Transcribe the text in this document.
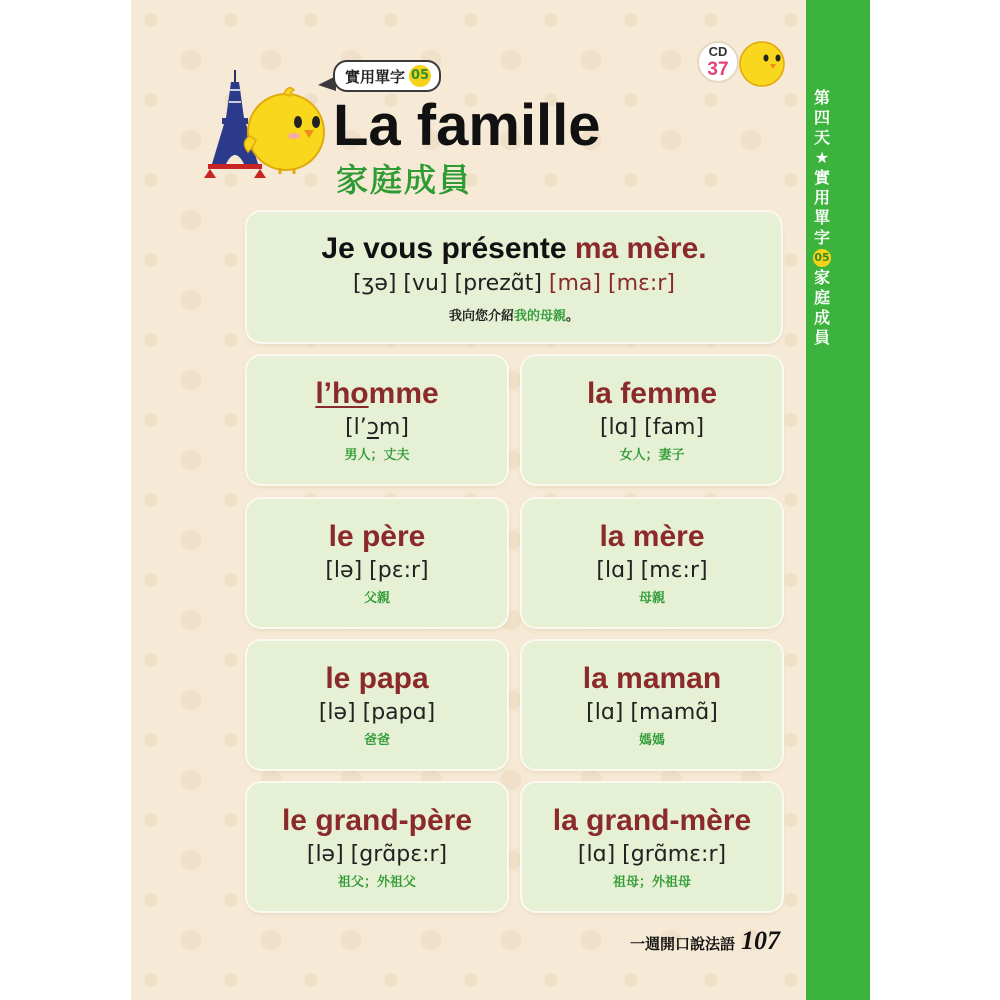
第
四
天
★
實
用
單
字
05
家
庭
成
員
實用單字 05
La famille
家庭成員
CD
37
Je vous présente ma mère.
[ʒə] [vu] [prezɑ̃t] [ma] [mɛ:r]
我向您介紹我的母親。
l’homme
[l’ɔm]
男人；丈夫
la femme
[lɑ] [fam]
女人；妻子
le père
[lə] [pɛ:r]
父親
la mère
[lɑ] [mɛ:r]
母親
le papa
[lə] [papɑ]
爸爸
la maman
[lɑ] [mamɑ̃]
媽媽
le grand-père
[lə] [grɑ̃pɛ:r]
祖父；外祖父
la grand-mère
[lɑ] [grɑ̃mɛ:r]
祖母；外祖母
一週開口說法語 107
